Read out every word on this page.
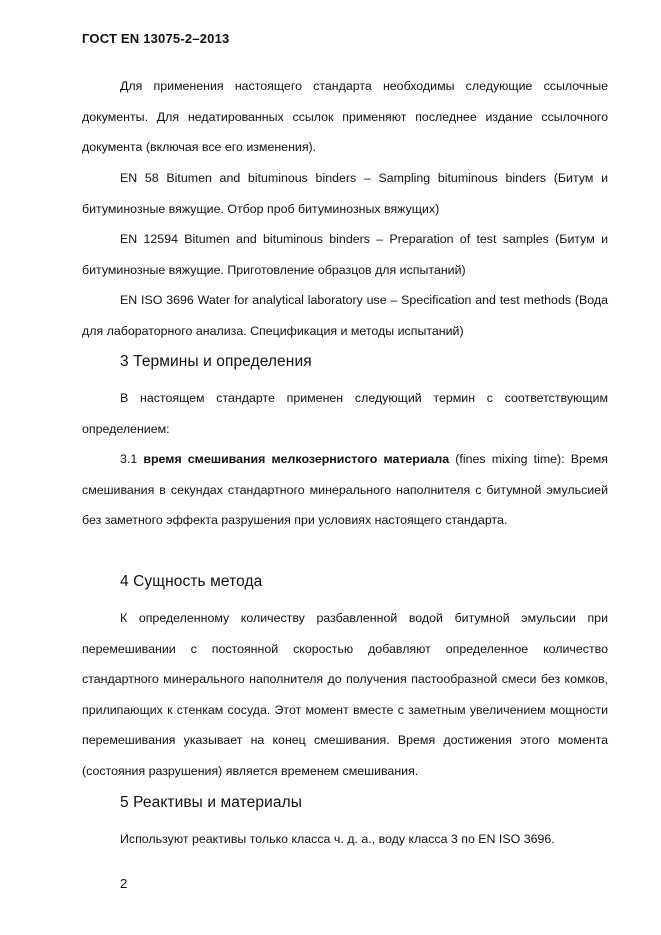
ГОСТ EN 13075-2–2013
Для применения настоящего стандарта необходимы следующие ссылочные документы. Для недатированных ссылок применяют последнее издание ссылочного документа (включая все его изменения).
EN 58 Bitumen and bituminous binders – Sampling bituminous binders (Битум и битуминозные вяжущие. Отбор проб битуминозных вяжущих)
EN 12594 Bitumen and bituminous binders – Preparation of test samples (Битум и битуминозные вяжущие. Приготовление образцов для испытаний)
EN ISO 3696 Water for analytical laboratory use – Specification and test methods (Вода для лабораторного анализа. Спецификация и методы испытаний)
3 Термины и определения
В настоящем стандарте применен следующий термин с соответствующим определением:
3.1 время смешивания мелкозернистого материала (fines mixing time): Время смешивания в секундах стандартного минерального наполнителя с битумной эмульсией без заметного эффекта разрушения при условиях настоящего стандарта.
4 Сущность метода
К определенному количеству разбавленной водой битумной эмульсии при перемешивании с постоянной скоростью добавляют определенное количество стандартного минерального наполнителя до получения пастообразной смеси без комков, прилипающих к стенкам сосуда. Этот момент вместе с заметным увеличением мощности перемешивания указывает на конец смешивания. Время достижения этого момента (состояния разрушения) является временем смешивания.
5 Реактивы и материалы
Используют реактивы только класса ч. д. а., воду класса 3 по EN ISO 3696.
2
